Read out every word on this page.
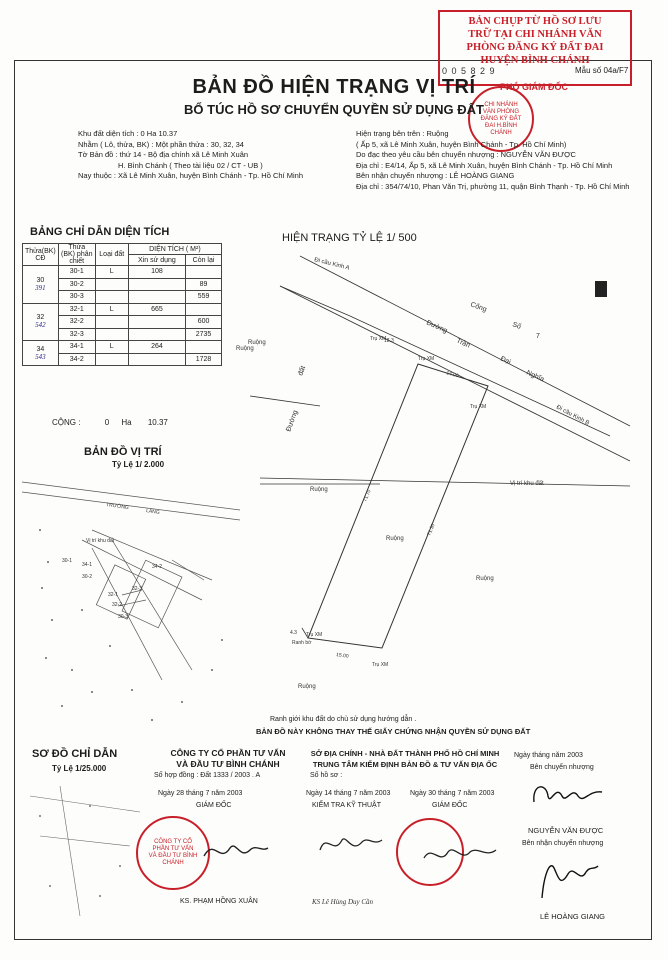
BẢN CHỤP TỪ HỒ SƠ LƯU
TRỮ TẠI CHI NHÁNH VĂN
PHÒNG ĐĂNG KÝ ĐẤT ĐAI
HUYỆN BÌNH CHÁNH
0 0 5 8 2 9	Mẫu số 04a/F7
PHÓ GIÁM ĐỐC
CHI NHÁNH VĂN PHÒNG ĐĂNG KÝ ĐẤT ĐAI H.BÌNH CHÁNH
BẢN ĐỒ HIỆN TRẠNG VỊ TRÍ
BỔ TÚC HỒ SƠ CHUYỂN QUYỀN SỬ DỤNG ĐẤT
Khu đất diện tích : 0 Ha 10.37
Nhằm ( Lô, thửa, BK) : Một phần thửa : 30, 32, 34
Tờ Bản đồ : thứ 14 - Bộ địa chính xã Lê Minh Xuân
H. Bình Chánh ( Theo tài liệu 02 / CT - UB )
Nay thuộc : Xã Lê Minh Xuân, huyện Bình Chánh - Tp. Hồ Chí Minh
Hiện trạng bên trên : Ruộng
( Ấp 5, xã Lê Minh Xuân, huyện Bình Chánh - Tp. Hồ Chí Minh)
Do đạc theo yêu cầu bên chuyển nhượng : NGUYỄN VĂN ĐƯỢC
Địa chỉ : E4/14, Ấp 5, xã Lê Minh Xuân, huyện Bình Chánh - Tp. Hồ Chí Minh
Bên nhận chuyển nhượng : LÊ HOÀNG GIANG
Địa chỉ : 354/74/10, Phan Văn Trị, phường 11, quận Bình Thạnh - Tp. Hồ Chí Minh
BẢNG CHỈ DẪN DIỆN TÍCH
Thửa(BK) CĐ	Thửa (BK) phân chiết	Loại đất	DIỆN TÍCH ( M²)	
			Xin sử dụng	Còn lại
30
391	30-1	L	108	
	30-2			89
	30-3			559
32
542	32-1	L	665	
	32-2			600
	32-3			2735
34
543	34-1	L	264	
	34-2			1728
CỘNG :	0 Ha 10.37
BẢN ĐỒ VỊ TRÍ
Tỷ Lệ 1/ 2.000
TRƯỜNG
LÀNG
Vị trí khu đất
34-2
32-3
32-1
32-2
30-3
30-1
30-2
34-1
HIỆN TRẠNG TỶ LỆ 1/ 500
Đi cầu Kinh A
Đi cầu Kinh B
Cống
Số
7
Đường
Trần
Đại
Nghĩa
Ruộng
Ruộng
đất
Đường
Ruộng
Vị trí khu đất
Ruộng
Ruộng
Ruộng
Trụ XM
Trụ XM
Trụ XM
Trụ XM
Trụ XM
Ranh bờ
18.3
14.00
71.70
71.30
15.00
4.3
Ranh giới khu đất do chủ sử dụng hướng dẫn .
BẢN ĐỒ NÀY KHÔNG THAY THẾ GIẤY CHỨNG NHẬN QUYỀN SỬ DỤNG ĐẤT
SƠ ĐỒ CHỈ DẪN
Tỷ Lệ 1/25.000
CÔNG TY CỔ PHẦN TƯ VẤN
VÀ ĐẦU TƯ BÌNH CHÁNH
Số hợp đồng : Đất 1333 / 2003 . A
Ngày 28 tháng 7 năm 2003
GIÁM ĐỐC
CÔNG TY CỔ PHẦN TƯ VẤN VÀ ĐẦU TƯ BÌNH CHÁNH
KS. PHẠM HỒNG XUÂN
SỞ ĐỊA CHÍNH - NHÀ ĐẤT THÀNH PHỐ HỒ CHÍ MINH
TRUNG TÂM KIỂM ĐỊNH BẢN ĐỒ & TƯ VẤN ĐỊA ỐC
Số hồ sơ :
Ngày 14 tháng 7 năm 2003	Ngày 30 tháng 7 năm 2003
KIỂM TRA KỸ THUẬT	GIÁM ĐỐC
KS Lê Hùng Duy Cần
Ngày tháng năm 2003
Bên chuyển nhượng
NGUYỄN VĂN ĐƯỢC
Bên nhận chuyển nhượng
LÊ HOÀNG GIANG
